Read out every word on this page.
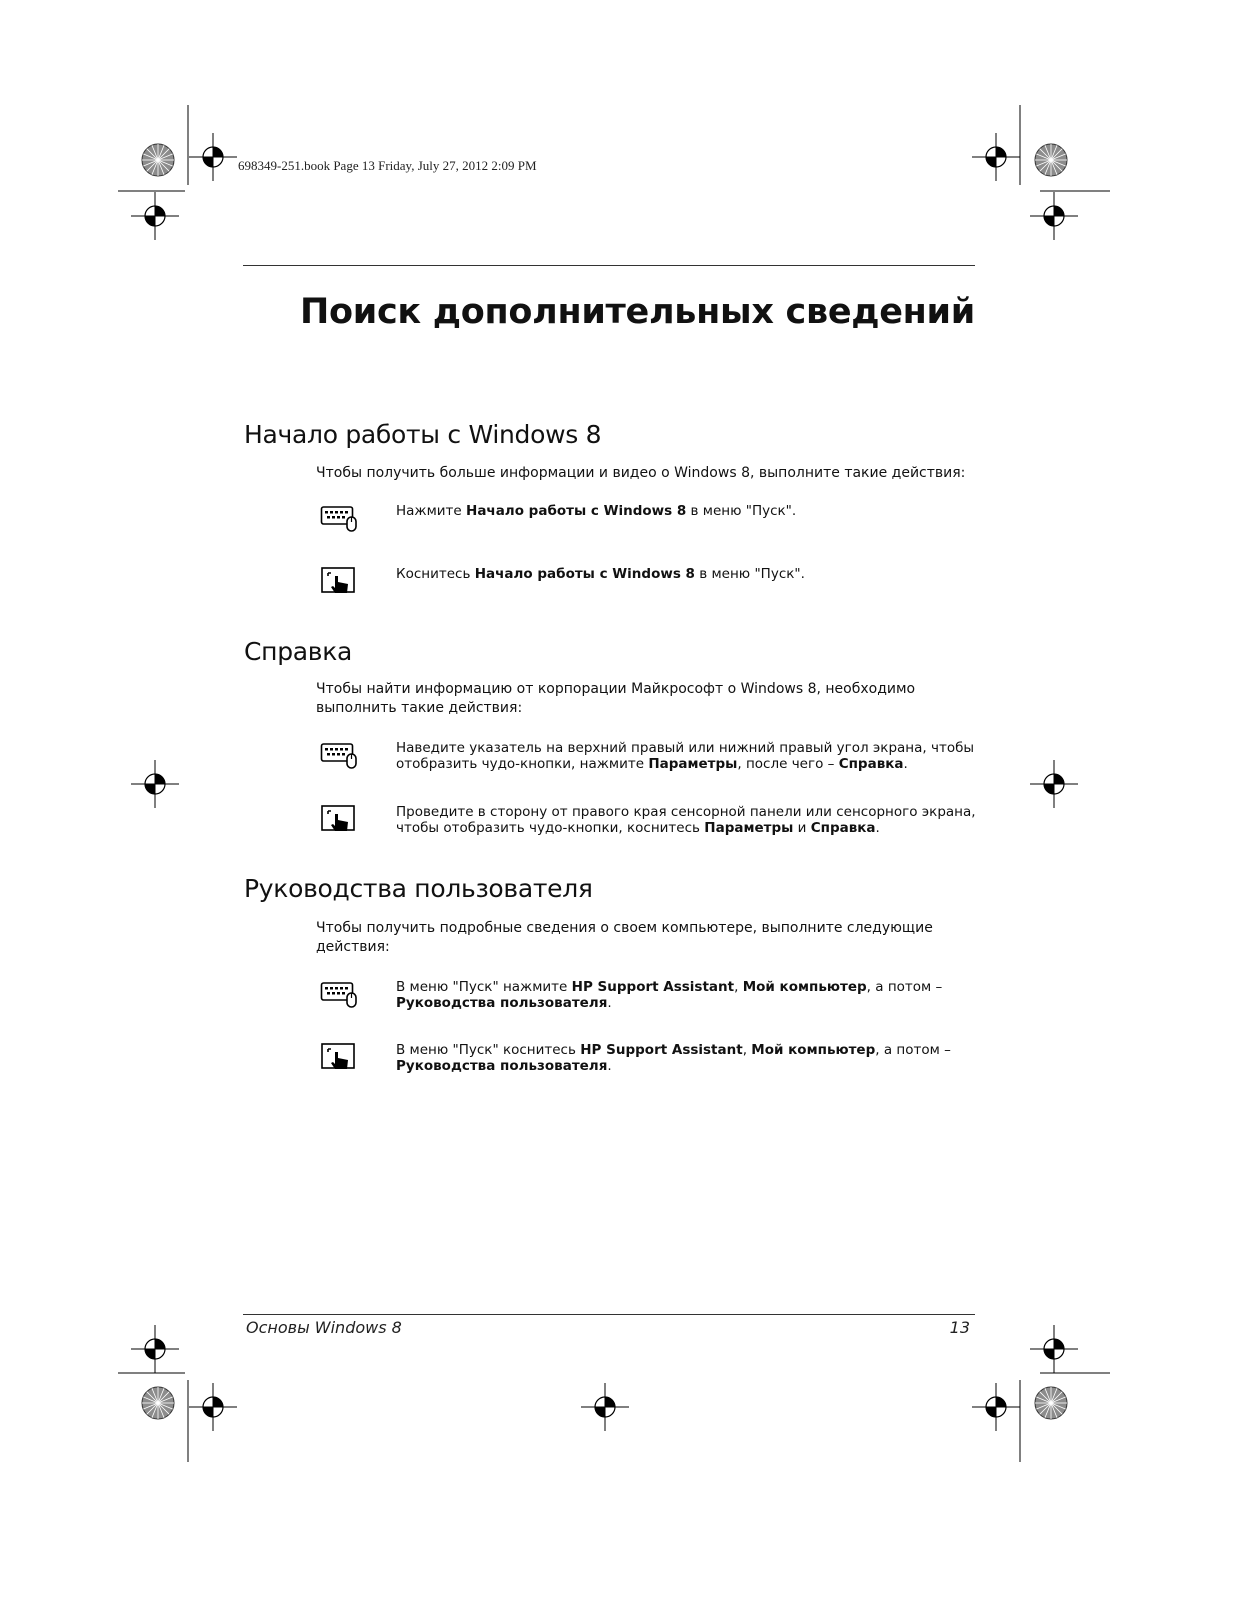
698349-251.book Page 13 Friday, July 27, 2012 2:09 PM
Поиск дополнительных сведений
Начало работы с Windows 8

Чтобы получить больше информации и видео о Windows 8, выполните такие действия:

Нажмите Начало работы с Windows 8 в меню "Пуск".

Коснитесь Начало работы с Windows 8 в меню "Пуск".

Справка

Чтобы найти информацию от корпорации Майкрософт о Windows 8, необходимо выполнить такие действия:

Наведите указатель на верхний правый или нижний правый угол экрана, чтобы отобразить чудо-кнопки, нажмите Параметры, после чего – Справка.

Проведите в сторону от правого края сенсорной панели или сенсорного экрана, чтобы отобразить чудо-кнопки, коснитесь Параметры и Справка.

Руководства пользователя

Чтобы получить подробные сведения о своем компьютере, выполните следующие действия:

В меню "Пуск" нажмите HP Support Assistant, Мой компьютер, а потом – Руководства пользователя.

В меню "Пуск" коснитесь HP Support Assistant, Мой компьютер, а потом – Руководства пользователя.

Основы Windows 8	13
